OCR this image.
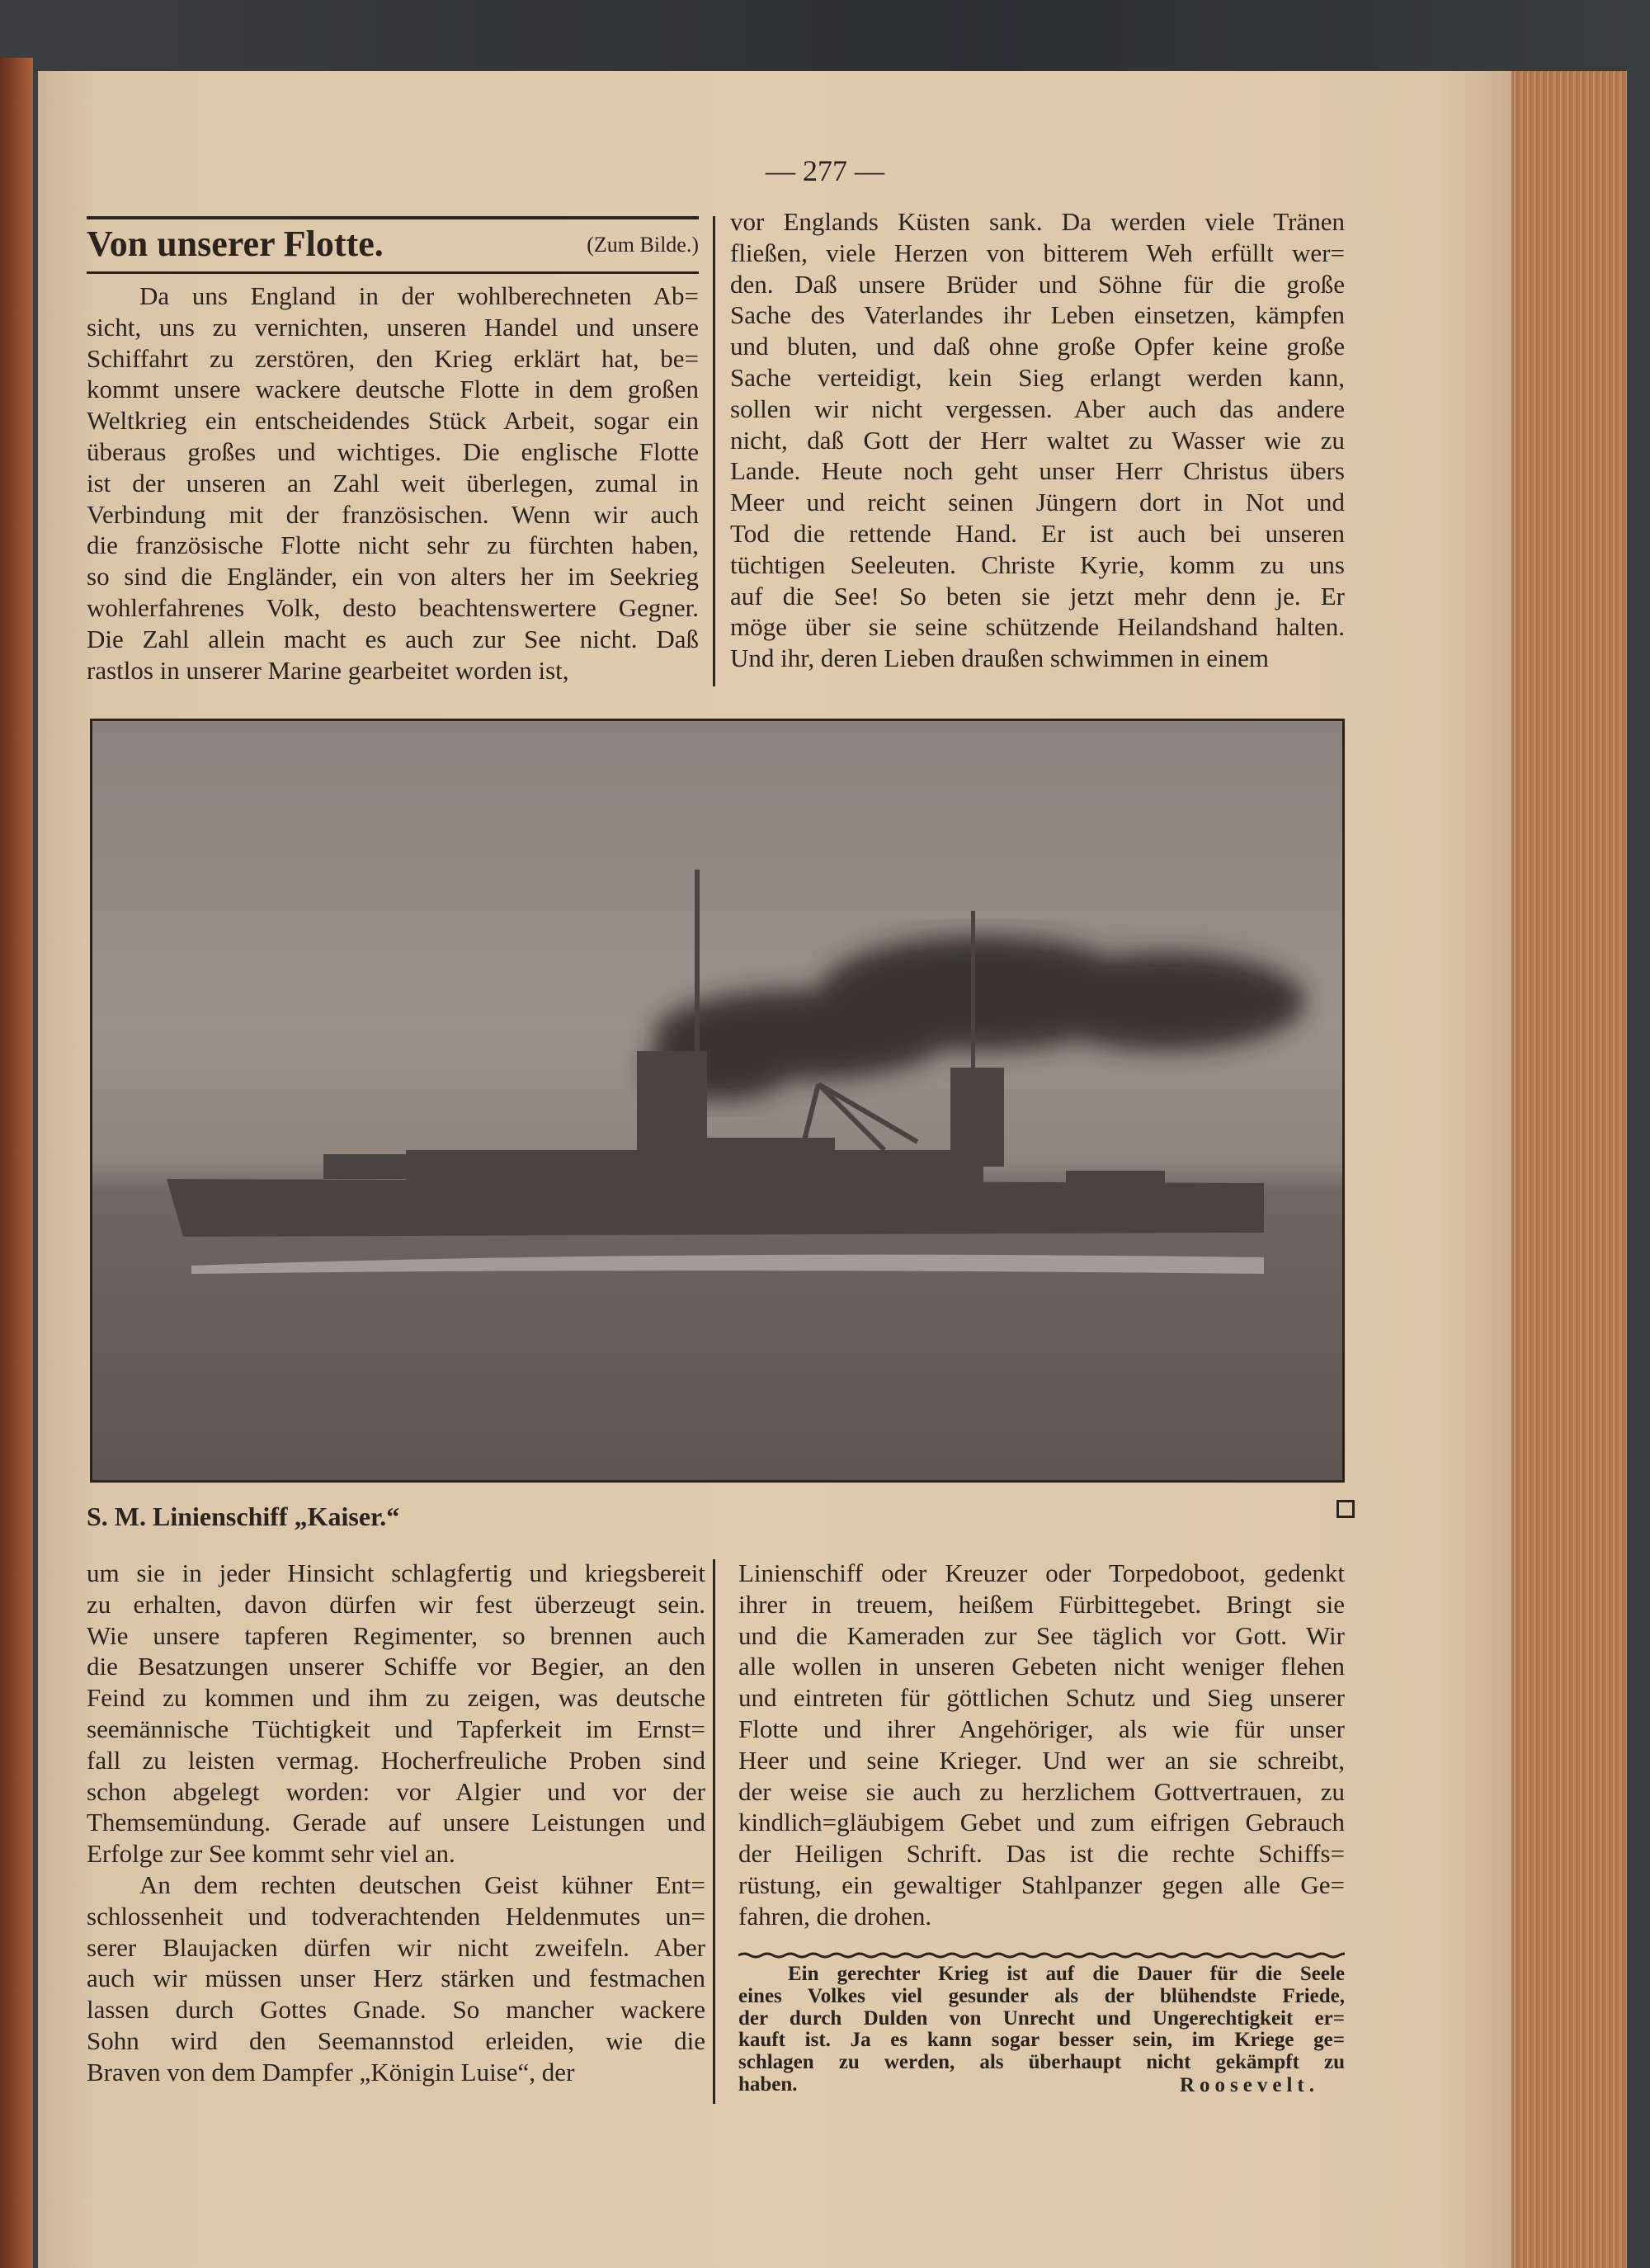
— 277 —
Von unserer Flotte.	(Zum Bilde.)
Da uns England in der wohlberechneten Ab=
sicht, uns zu vernichten, unseren Handel und unsere
Schiffahrt zu zerstören, den Krieg erklärt hat, be=
kommt unsere wackere deutsche Flotte in dem großen
Weltkrieg ein entscheidendes Stück Arbeit, sogar ein
überaus großes und wichtiges. Die englische Flotte
ist der unseren an Zahl weit überlegen, zumal in
Verbindung mit der französischen. Wenn wir auch
die französische Flotte nicht sehr zu fürchten haben,
so sind die Engländer, ein von alters her im Seekrieg
wohlerfahrenes Volk, desto beachtenswertere Gegner.
Die Zahl allein macht es auch zur See nicht. Daß
rastlos in unserer Marine gearbeitet worden ist,
vor Englands Küsten sank. Da werden viele Tränen
fließen, viele Herzen von bitterem Weh erfüllt wer=
den. Daß unsere Brüder und Söhne für die große
Sache des Vaterlandes ihr Leben einsetzen, kämpfen
und bluten, und daß ohne große Opfer keine große
Sache verteidigt, kein Sieg erlangt werden kann,
sollen wir nicht vergessen. Aber auch das andere
nicht, daß Gott der Herr waltet zu Wasser wie zu
Lande. Heute noch geht unser Herr Christus übers
Meer und reicht seinen Jüngern dort in Not und
Tod die rettende Hand. Er ist auch bei unseren
tüchtigen Seeleuten. Christe Kyrie, komm zu uns
auf die See! So beten sie jetzt mehr denn je. Er
möge über sie seine schützende Heilandshand halten.
Und ihr, deren Lieben draußen schwimmen in einem
S. M. Linienschiff „Kaiser.“
um sie in jeder Hinsicht schlagfertig und kriegsbereit
zu erhalten, davon dürfen wir fest überzeugt sein.
Wie unsere tapferen Regimenter, so brennen auch
die Besatzungen unserer Schiffe vor Begier, an den
Feind zu kommen und ihm zu zeigen, was deutsche
seemännische Tüchtigkeit und Tapferkeit im Ernst=
fall zu leisten vermag. Hocherfreuliche Proben sind
schon abgelegt worden: vor Algier und vor der
Themsemündung. Gerade auf unsere Leistungen und
Erfolge zur See kommt sehr viel an.
An dem rechten deutschen Geist kühner Ent=
schlossenheit und todverachtenden Heldenmutes un=
serer Blaujacken dürfen wir nicht zweifeln. Aber
auch wir müssen unser Herz stärken und festmachen
lassen durch Gottes Gnade. So mancher wackere
Sohn wird den Seemannstod erleiden, wie die
Braven von dem Dampfer „Königin Luise“, der
Linienschiff oder Kreuzer oder Torpedoboot, gedenkt
ihrer in treuem, heißem Fürbittegebet. Bringt sie
und die Kameraden zur See täglich vor Gott. Wir
alle wollen in unseren Gebeten nicht weniger flehen
und eintreten für göttlichen Schutz und Sieg unserer
Flotte und ihrer Angehöriger, als wie für unser
Heer und seine Krieger. Und wer an sie schreibt,
der weise sie auch zu herzlichem Gottvertrauen, zu
kindlich=gläubigem Gebet und zum eifrigen Gebrauch
der Heiligen Schrift. Das ist die rechte Schiffs=
rüstung, ein gewaltiger Stahlpanzer gegen alle Ge=
fahren, die drohen.
Ein gerechter Krieg ist auf die Dauer für die Seele
eines Volkes viel gesunder als der blühendste Friede,
der durch Dulden von Unrecht und Ungerechtigkeit er=
kauft ist. Ja es kann sogar besser sein, im Kriege ge=
schlagen zu werden, als überhaupt nicht gekämpft zu
haben.	Roosevelt.
